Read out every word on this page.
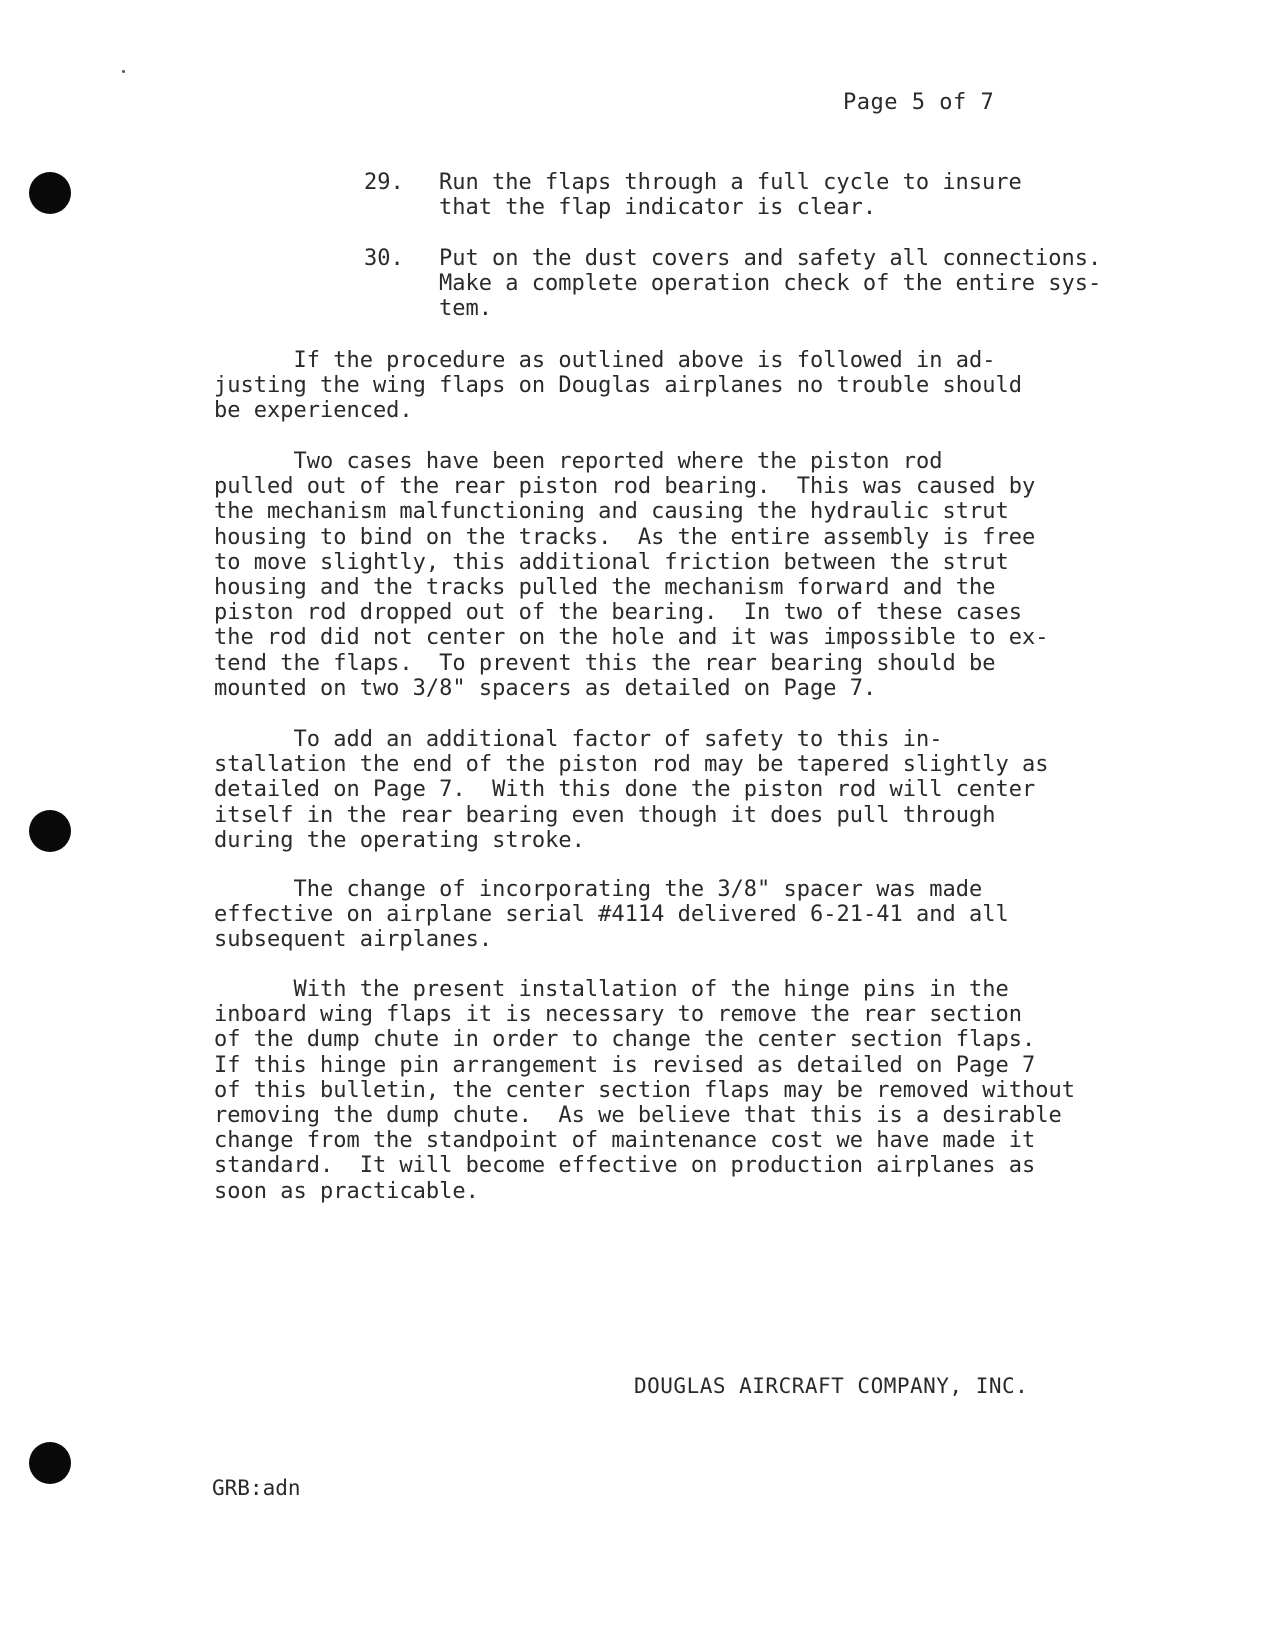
Page 5 of 7

29.

Run the flaps through a full cycle to insure
that the flap indicator is clear.

30.

Put on the dust covers and safety all connections.
Make a complete operation check of the entire sys-
tem.

If the procedure as outlined above is followed in ad-
justing the wing flaps on Douglas airplanes no trouble should
be experienced.
Two cases have been reported where the piston rod
pulled out of the rear piston rod bearing.  This was caused by
the mechanism malfunctioning and causing the hydraulic strut
housing to bind on the tracks.  As the entire assembly is free
to move slightly, this additional friction between the strut
housing and the tracks pulled the mechanism forward and the
piston rod dropped out of the bearing.  In two of these cases
the rod did not center on the hole and it was impossible to ex-
tend the flaps.  To prevent this the rear bearing should be
mounted on two 3/8" spacers as detailed on Page 7.
To add an additional factor of safety to this in-
stallation the end of the piston rod may be tapered slightly as
detailed on Page 7.  With this done the piston rod will center
itself in the rear bearing even though it does pull through
during the operating stroke.
The change of incorporating the 3/8" spacer was made
effective on airplane serial #4114 delivered 6-21-41 and all
subsequent airplanes.
With the present installation of the hinge pins in the
inboard wing flaps it is necessary to remove the rear section
of the dump chute in order to change the center section flaps.
If this hinge pin arrangement is revised as detailed on Page 7
of this bulletin, the center section flaps may be removed without
removing the dump chute.  As we believe that this is a desirable
change from the standpoint of maintenance cost we have made it
standard.  It will become effective on production airplanes as
soon as practicable.
DOUGLAS AIRCRAFT COMPANY, INC.
GRB:adn
